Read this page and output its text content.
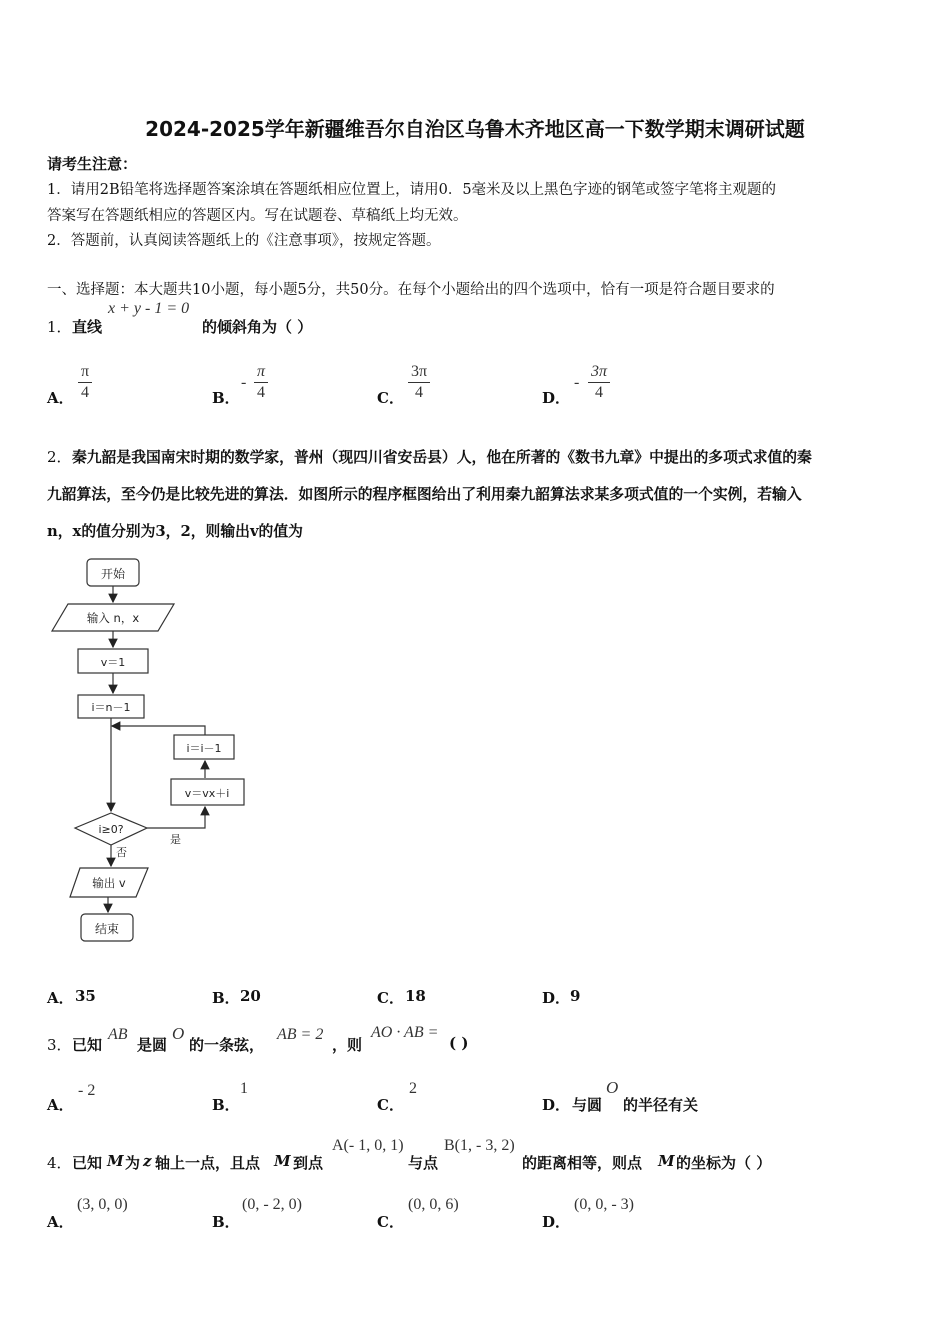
2024-2025学年新疆维吾尔自治区乌鲁木齐地区高一下数学期末调研试题
请考生注意：
1．请用2B铅笔将选择题答案涂填在答题纸相应位置上，请用0．5毫米及以上黑色字迹的钢笔或签字笔将主观题的
答案写在答题纸相应的答题区内。写在试题卷、草稿纸上均无效。
2．答题前，认真阅读答题纸上的《注意事项》，按规定答题。
一、选择题：本大题共10小题，每小题5分，共50分。在每个小题给出的四个选项中，恰有一项是符合题目要求的
1． 直线
x + y - 1 = 0
的倾斜角为（ ）
A．
π
4	B．
-
π
4	C．
3π
4	D．
-
3π
4
2． 秦九韶是我国南宋时期的数学家，普州（现四川省安岳县）人，他在所著的《数书九章》中提出的多项式求值的秦
九韶算法，至今仍是比较先进的算法．如图所示的程序框图给出了利用秦九韶算法求某多项式值的一个实例，若输入
n，x的值分别为3，2，则输出v的值为
开始
输入 n，x
v＝1
i＝n－1
i＝i－1
v＝vx＋i
i≥0?
是
否
输出 v
结束
A． 35	B． 20	C． 18	D． 9
3． 已知
AB
是圆
O
的一条弦，
AB = 2
，则
AO · AB =
( )
A．
- 2
B．
1
C．
2
D． 与圆
O
的半径有关
4． 已知 M 为 z 轴上一点，且点 M 到点
A(- 1, 0, 1)
与点
B(1, - 3, 2)
的距离相等，则点 M 的坐标为（ ）
A．
(3, 0, 0)
B．
(0, - 2, 0)
C．
(0, 0, 6)
D．
(0, 0, - 3)
